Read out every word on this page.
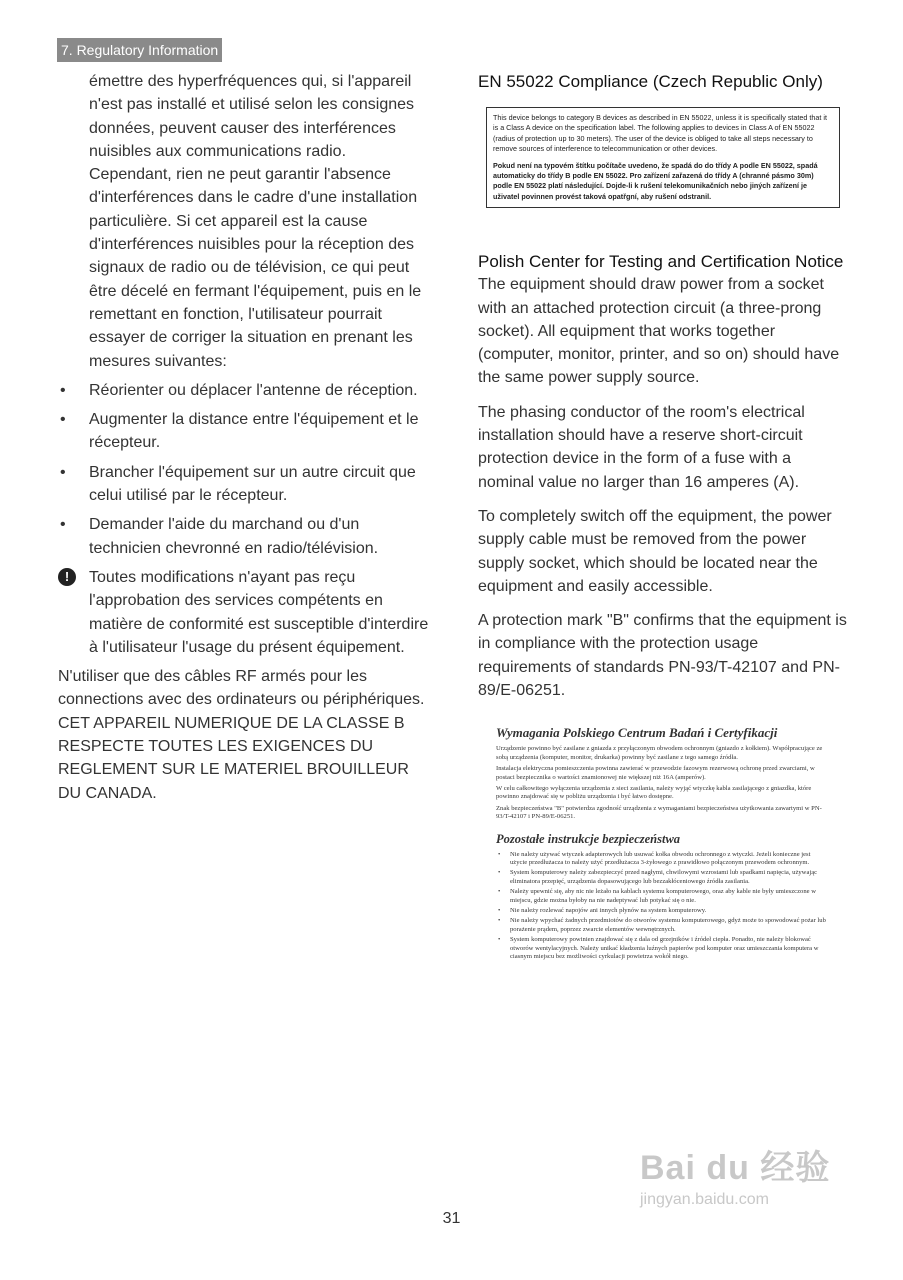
7. Regulatory Information

émettre des hyperfréquences qui, si l'appareil n'est pas installé et utilisé selon les consignes données, peuvent causer des interférences nuisibles aux communications radio.

Cependant, rien ne peut garantir l'absence d'interférences dans le cadre d'une installation particulière. Si cet appareil est la cause d'interférences nuisibles pour la réception des signaux de radio ou de télévision, ce qui peut être décelé en fermant l'équipement, puis en le remettant en fonction, l'utilisateur pourrait essayer de corriger la situation en prenant les mesures suivantes:

• Réorienter ou déplacer l'antenne de réception.
• Augmenter la distance entre l'équipement et le récepteur.
• Brancher l'équipement sur un autre circuit que celui utilisé par le récepteur.
• Demander l'aide du marchand ou d'un technicien chevronné en radio/télévision.
!	Toutes modifications n'ayant pas reçu l'approbation des services compétents en matière de conformité est susceptible d'interdire à l'utilisateur l'usage du présent équipement.

N'utiliser que des câbles RF armés pour les connections avec des ordinateurs ou périphériques.

CET APPAREIL NUMERIQUE DE LA CLASSE B RESPECTE TOUTES LES EXIGENCES DU REGLEMENT SUR LE MATERIEL BROUILLEUR DU CANADA.

EN 55022 Compliance (Czech Republic Only)
This device belongs to category B devices as described in EN 55022, unless it is specifically stated that it is a Class A device on the specification label. The following applies to devices in Class A of EN 55022 (radius of protection up to 30 meters). The user of the device is obliged to take all steps necessary to remove sources of interference to telecommunication or other devices.
Pokud není na typovém štítku počítače uvedeno, že spadá do do třídy A podle EN 55022, spadá automaticky do třídy B podle EN 55022. Pro zařízení zařazená do třídy A (chranné pásmo 30m) podle EN 55022 platí následující. Dojde-li k rušení telekomunikačních nebo jiných zařízení je uživatel povinnen provést taková opatřgní, aby rušení odstranil.
Polish Center for Testing and Certification Notice

The equipment should draw power from a socket with an attached protection circuit (a three-prong socket). All equipment that works together (computer, monitor, printer, and so on) should have the same power supply source.

The phasing conductor of the room's electrical installation should have a reserve short-circuit protection device in the form of a fuse with a nominal value no larger than 16 amperes (A).

To completely switch off the equipment, the power supply cable must be removed from the power supply socket, which should be located near the equipment and easily accessible.

A protection mark "B" confirms that the equipment is in compliance with the protection usage requirements of standards PN-93/T-42107 and PN-89/E-06251.

Wymagania Polskiego Centrum Badań i Certyfikacji

Urządzenie powinno być zasilane z gniazda z przyłączonym obwodem ochronnym (gniazdo z kołkiem). Współpracujące ze sobą urządzenia (komputer, monitor, drukarka) powinny być zasilane z tego samego źródła.

Instalacja elektryczna pomieszczenia powinna zawierać w przewodzie fazowym rezerwową ochronę przed zwarciami, w postaci bezpiecznika o wartości znamionowej nie większej niż 16A (amperów).

W celu całkowitego wyłączenia urządzenia z sieci zasilania, należy wyjąć wtyczkę kabla zasilającego z gniazdka, które powinno znajdować się w pobliżu urządzenia i być łatwo dostępne.

Znak bezpieczeństwa "B" potwierdza zgodność urządzenia z wymaganiami bezpieczeństwa użytkowania zawartymi w PN-93/T-42107 i PN-89/E-06251.

Pozostałe instrukcje bezpieczeństwa
• Nie należy używać wtyczek adapterowych lub usuwać kołka obwodu ochronnego z wtyczki. Jeżeli konieczne jest użycie przedłużacza to należy użyć przedłużacza 3-żyłowego z prawidłowo połączonym przewodem ochronnym.
• System komputerowy należy zabezpieczyć przed nagłymi, chwilowymi wzrostami lub spadkami napięcia, używając eliminatora przepięć, urządzenia dopasowującego lub bezzakłóceniowego źródła zasilania.
• Należy upewnić się, aby nic nie leżało na kablach systemu komputerowego, oraz aby kable nie były umieszczone w miejscu, gdzie można byłoby na nie nadeptywać lub potykać się o nie.
• Nie należy rozlewać napojów ani innych płynów na system komputerowy.
• Nie należy wpychać żadnych przedmiotów do otworów systemu komputerowego, gdyż może to spowodować pożar lub porażenie prądem, poprzez zwarcie elementów wewnętrznych.
• System komputerowy powinien znajdować się z dala od grzejników i źródeł ciepła. Ponadto, nie należy blokować otworów wentylacyjnych. Należy unikać kładzenia luźnych papierów pod komputer oraz umieszczania komputera w ciasnym miejscu bez możliwości cyrkulacji powietrza wokół niego.
31
Bai du 经验
jingyan.baidu.com
